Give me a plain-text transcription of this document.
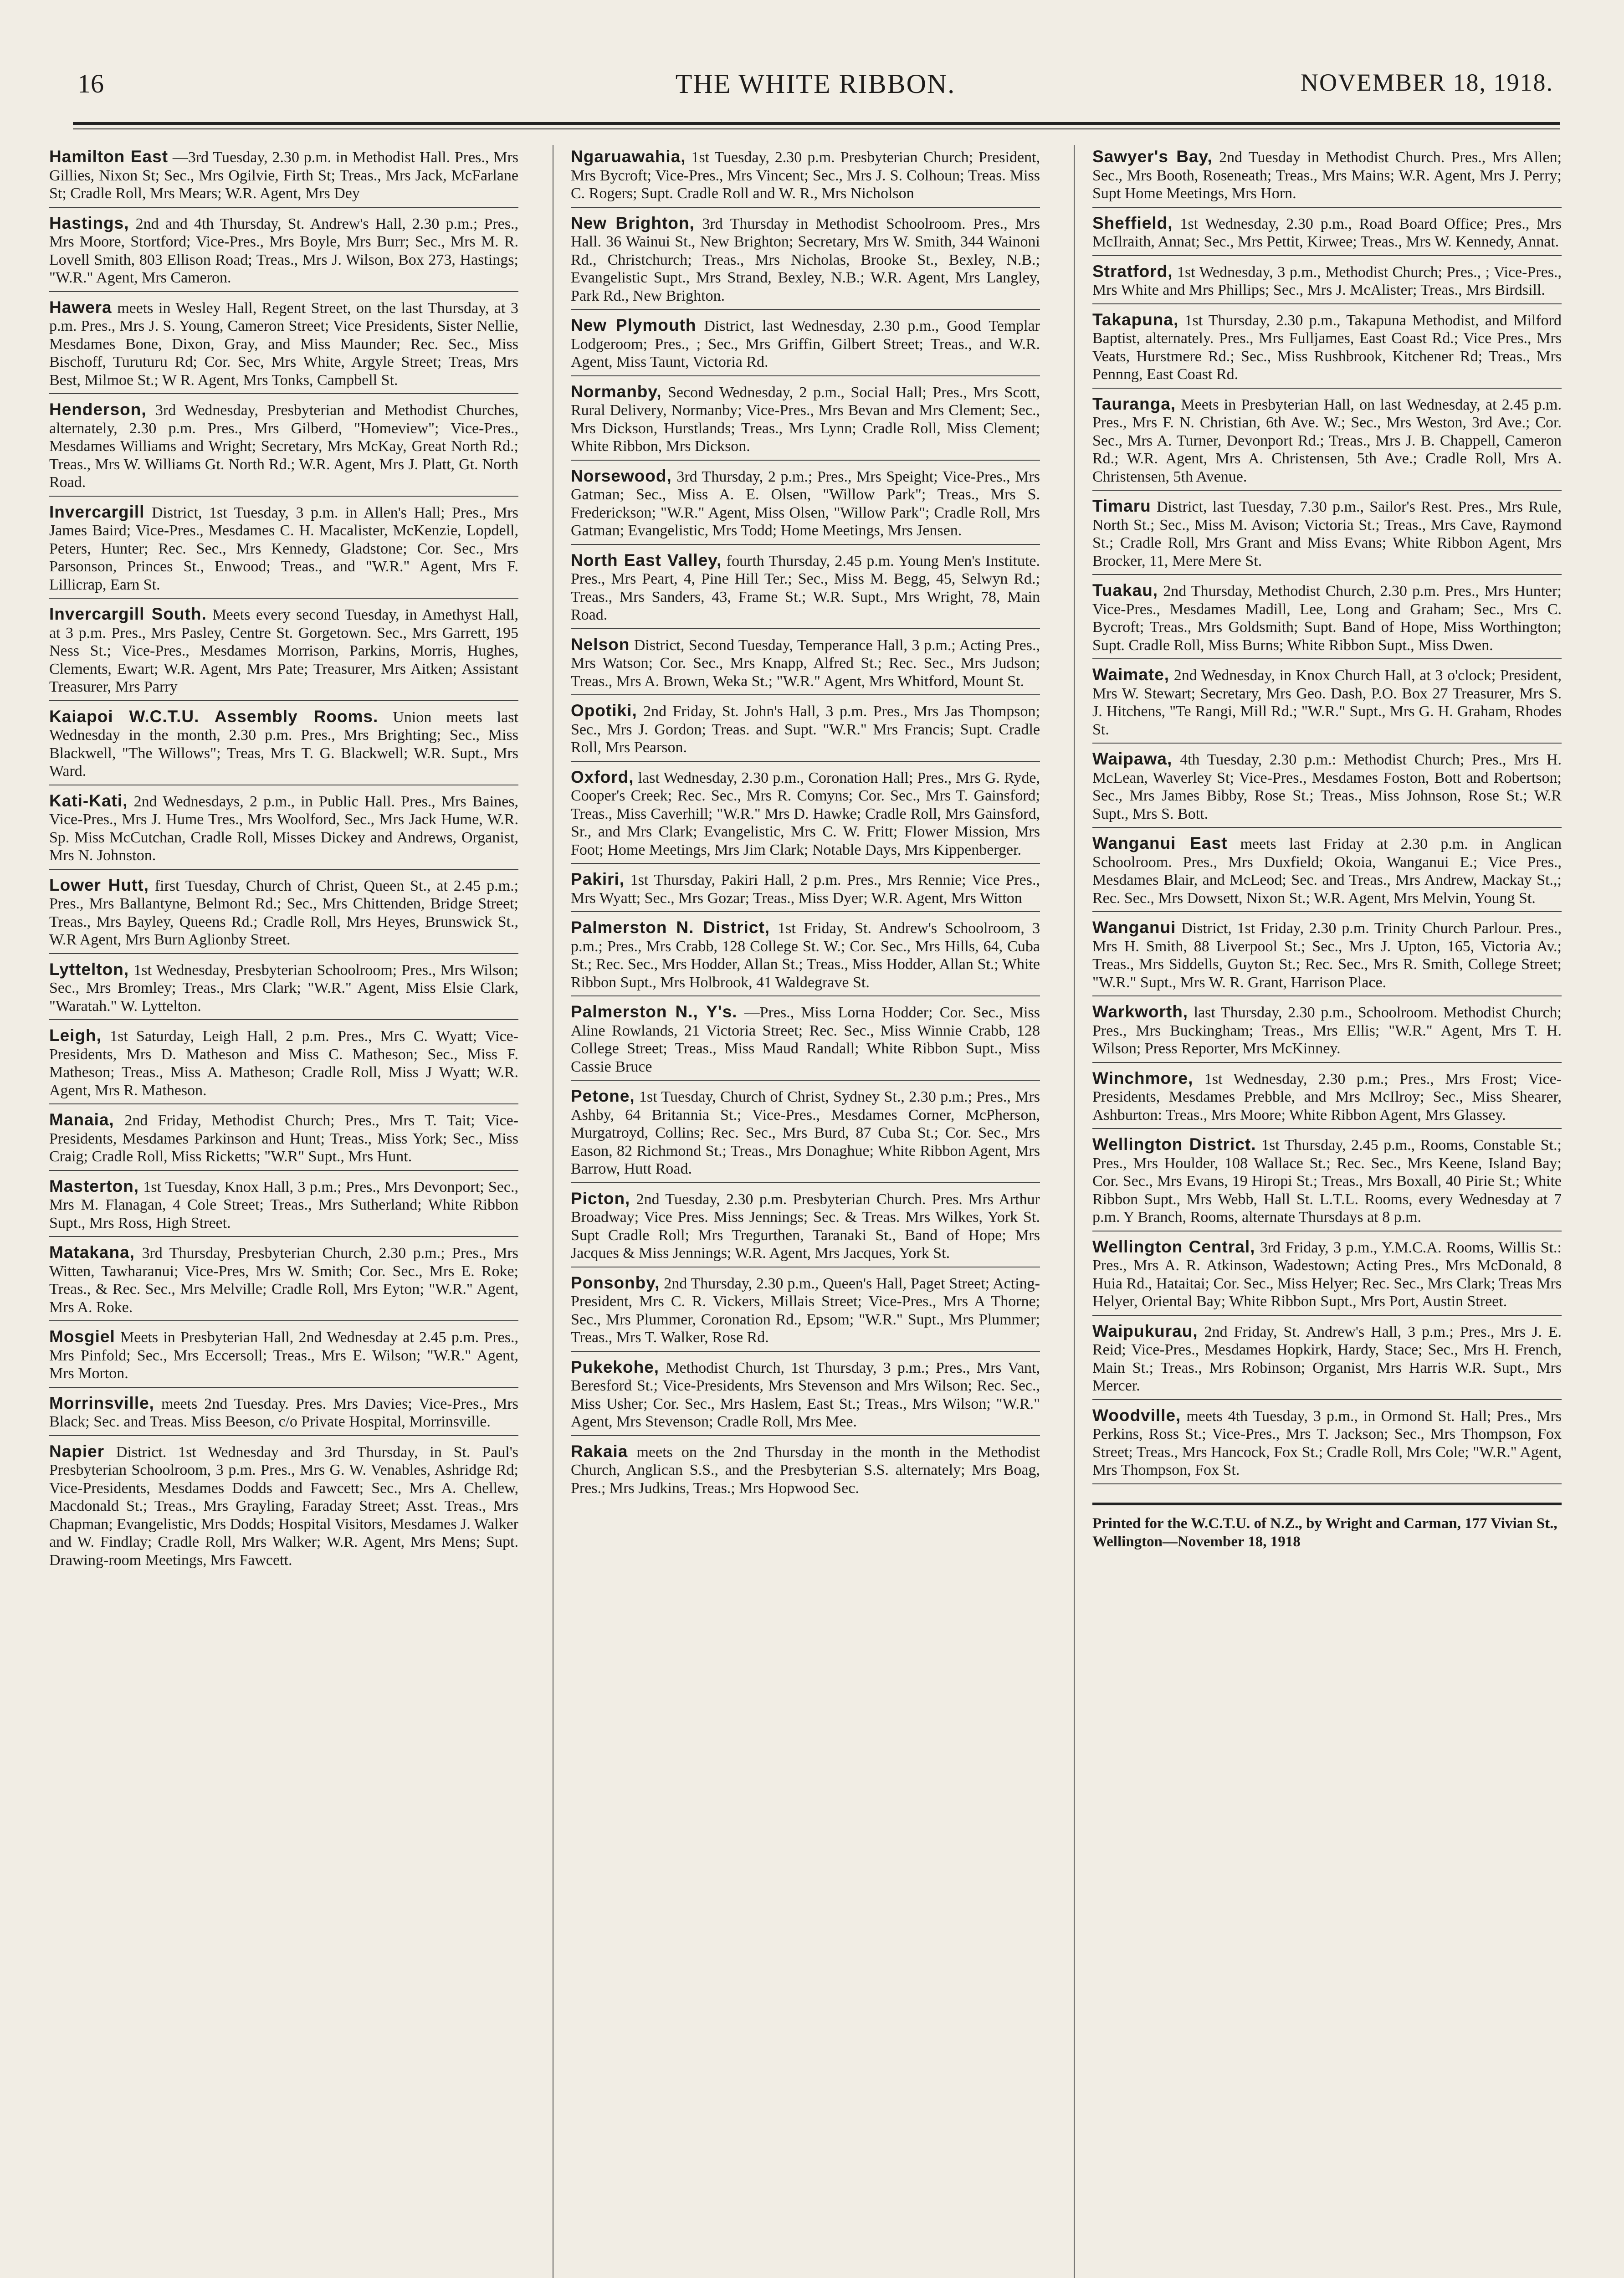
16	THE WHITE RIBBON.	NOVEMBER 18, 1918.
Hamilton East —3rd Tuesday, 2.30 p.m. in Methodist Hall. Pres., Mrs Gillies, Nixon St; Sec., Mrs Ogilvie, Firth St; Treas., Mrs Jack, McFarlane St; Cradle Roll, Mrs Mears; W.R. Agent, Mrs Dey
Hastings, 2nd and 4th Thursday, St. Andrew's Hall, 2.30 p.m.; Pres., Mrs Moore, Stortford; Vice-Pres., Mrs Boyle, Mrs Burr; Sec., Mrs M. R. Lovell Smith, 803 Ellison Road; Treas., Mrs J. Wilson, Box 273, Hastings; "W.R." Agent, Mrs Cameron.
Hawera meets in Wesley Hall, Regent Street, on the last Thursday, at 3 p.m. Pres., Mrs J. S. Young, Cameron Street; Vice Presidents, Sister Nellie, Mesdames Bone, Dixon, Gray, and Miss Maunder; Rec. Sec., Miss Bischoff, Turuturu Rd; Cor. Sec, Mrs White, Argyle Street; Treas, Mrs Best, Milmoe St.; W R. Agent, Mrs Tonks, Campbell St.
Henderson, 3rd Wednesday, Presbyterian and Methodist Churches, alternately, 2.30 p.m. Pres., Mrs Gilberd, "Homeview"; Vice-Pres., Mesdames Williams and Wright; Secretary, Mrs McKay, Great North Rd.; Treas., Mrs W. Williams Gt. North Rd.; W.R. Agent, Mrs J. Platt, Gt. North Road.
Invercargill District, 1st Tuesday, 3 p.m. in Allen's Hall; Pres., Mrs James Baird; Vice-Pres., Mesdames C. H. Macalister, McKenzie, Lopdell, Peters, Hunter; Rec. Sec., Mrs Kennedy, Gladstone; Cor. Sec., Mrs Parsonson, Princes St., Enwood; Treas., and "W.R." Agent, Mrs F. Lillicrap, Earn St.
Invercargill South. Meets every second Tuesday, in Amethyst Hall, at 3 p.m. Pres., Mrs Pasley, Centre St. Gorgetown. Sec., Mrs Garrett, 195 Ness St.; Vice-Pres., Mesdames Morrison, Parkins, Morris, Hughes, Clements, Ewart; W.R. Agent, Mrs Pate; Treasurer, Mrs Aitken; Assistant Treasurer, Mrs Parry
Kaiapoi W.C.T.U. Assembly Rooms. Union meets last Wednesday in the month, 2.30 p.m. Pres., Mrs Brighting; Sec., Miss Blackwell, "The Willows"; Treas, Mrs T. G. Blackwell; W.R. Supt., Mrs Ward.
Kati-Kati, 2nd Wednesdays, 2 p.m., in Public Hall. Pres., Mrs Baines, Vice-Pres., Mrs J. Hume Tres., Mrs Woolford, Sec., Mrs Jack Hume, W.R. Sp. Miss McCutchan, Cradle Roll, Misses Dickey and Andrews, Organist, Mrs N. Johnston.
Lower Hutt, first Tuesday, Church of Christ, Queen St., at 2.45 p.m.; Pres., Mrs Ballantyne, Belmont Rd.; Sec., Mrs Chittenden, Bridge Street; Treas., Mrs Bayley, Queens Rd.; Cradle Roll, Mrs Heyes, Brunswick St., W.R Agent, Mrs Burn Aglionby Street.
Lyttelton, 1st Wednesday, Presbyterian Schoolroom; Pres., Mrs Wilson; Sec., Mrs Bromley; Treas., Mrs Clark; "W.R." Agent, Miss Elsie Clark, "Waratah." W. Lyttelton.
Leigh, 1st Saturday, Leigh Hall, 2 p.m. Pres., Mrs C. Wyatt; Vice-Presidents, Mrs D. Matheson and Miss C. Matheson; Sec., Miss F. Matheson; Treas., Miss A. Matheson; Cradle Roll, Miss J Wyatt; W.R. Agent, Mrs R. Matheson.
Manaia, 2nd Friday, Methodist Church; Pres., Mrs T. Tait; Vice-Presidents, Mesdames Parkinson and Hunt; Treas., Miss York; Sec., Miss Craig; Cradle Roll, Miss Ricketts; "W.R" Supt., Mrs Hunt.
Masterton, 1st Tuesday, Knox Hall, 3 p.m.; Pres., Mrs Devonport; Sec., Mrs M. Flanagan, 4 Cole Street; Treas., Mrs Sutherland; White Ribbon Supt., Mrs Ross, High Street.
Matakana, 3rd Thursday, Presbyterian Church, 2.30 p.m.; Pres., Mrs Witten, Tawharanui; Vice-Pres, Mrs W. Smith; Cor. Sec., Mrs E. Roke; Treas., & Rec. Sec., Mrs Melville; Cradle Roll, Mrs Eyton; "W.R." Agent, Mrs A. Roke.
Mosgiel Meets in Presbyterian Hall, 2nd Wednesday at 2.45 p.m. Pres., Mrs Pinfold; Sec., Mrs Eccersoll; Treas., Mrs E. Wilson; "W.R." Agent, Mrs Morton.
Morrinsville, meets 2nd Tuesday. Pres. Mrs Davies; Vice-Pres., Mrs Black; Sec. and Treas. Miss Beeson, c/o Private Hospital, Morrinsville.
Napier District. 1st Wednesday and 3rd Thursday, in St. Paul's Presbyterian Schoolroom, 3 p.m. Pres., Mrs G. W. Venables, Ashridge Rd; Vice-Presidents, Mesdames Dodds and Fawcett; Sec., Mrs A. Chellew, Macdonald St.; Treas., Mrs Grayling, Faraday Street; Asst. Treas., Mrs Chapman; Evangelistic, Mrs Dodds; Hospital Visitors, Mesdames J. Walker and W. Findlay; Cradle Roll, Mrs Walker; W.R. Agent, Mrs Mens; Supt. Drawing-room Meetings, Mrs Fawcett.
Ngaruawahia, 1st Tuesday, 2.30 p.m. Presbyterian Church; President, Mrs Bycroft; Vice-Pres., Mrs Vincent; Sec., Mrs J. S. Colhoun; Treas. Miss C. Rogers; Supt. Cradle Roll and W. R., Mrs Nicholson
New Brighton, 3rd Thursday in Methodist Schoolroom. Pres., Mrs Hall. 36 Wainui St., New Brighton; Secretary, Mrs W. Smith, 344 Wainoni Rd., Christchurch; Treas., Mrs Nicholas, Brooke St., Bexley, N.B.; Evangelistic Supt., Mrs Strand, Bexley, N.B.; W.R. Agent, Mrs Langley, Park Rd., New Brighton.
New Plymouth District, last Wednesday, 2.30 p.m., Good Templar Lodgeroom; Pres., ; Sec., Mrs Griffin, Gilbert Street; Treas., and W.R. Agent, Miss Taunt, Victoria Rd.
Normanby, Second Wednesday, 2 p.m., Social Hall; Pres., Mrs Scott, Rural Delivery, Normanby; Vice-Pres., Mrs Bevan and Mrs Clement; Sec., Mrs Dickson, Hurstlands; Treas., Mrs Lynn; Cradle Roll, Miss Clement; White Ribbon, Mrs Dickson.
Norsewood, 3rd Thursday, 2 p.m.; Pres., Mrs Speight; Vice-Pres., Mrs Gatman; Sec., Miss A. E. Olsen, "Willow Park"; Treas., Mrs S. Frederickson; "W.R." Agent, Miss Olsen, "Willow Park"; Cradle Roll, Mrs Gatman; Evangelistic, Mrs Todd; Home Meetings, Mrs Jensen.
North East Valley, fourth Thursday, 2.45 p.m. Young Men's Institute. Pres., Mrs Peart, 4, Pine Hill Ter.; Sec., Miss M. Begg, 45, Selwyn Rd.; Treas., Mrs Sanders, 43, Frame St.; W.R. Supt., Mrs Wright, 78, Main Road.
Nelson District, Second Tuesday, Temperance Hall, 3 p.m.; Acting Pres., Mrs Watson; Cor. Sec., Mrs Knapp, Alfred St.; Rec. Sec., Mrs Judson; Treas., Mrs A. Brown, Weka St.; "W.R." Agent, Mrs Whitford, Mount St.
Opotiki, 2nd Friday, St. John's Hall, 3 p.m. Pres., Mrs Jas Thompson; Sec., Mrs J. Gordon; Treas. and Supt. "W.R." Mrs Francis; Supt. Cradle Roll, Mrs Pearson.
Oxford, last Wednesday, 2.30 p.m., Coronation Hall; Pres., Mrs G. Ryde, Cooper's Creek; Rec. Sec., Mrs R. Comyns; Cor. Sec., Mrs T. Gainsford; Treas., Miss Caverhill; "W.R." Mrs D. Hawke; Cradle Roll, Mrs Gainsford, Sr., and Mrs Clark; Evangelistic, Mrs C. W. Fritt; Flower Mission, Mrs Foot; Home Meetings, Mrs Jim Clark; Notable Days, Mrs Kippenberger.
Pakiri, 1st Thursday, Pakiri Hall, 2 p.m. Pres., Mrs Rennie; Vice Pres., Mrs Wyatt; Sec., Mrs Gozar; Treas., Miss Dyer; W.R. Agent, Mrs Witton
Palmerston N. District, 1st Friday, St. Andrew's Schoolroom, 3 p.m.; Pres., Mrs Crabb, 128 College St. W.; Cor. Sec., Mrs Hills, 64, Cuba St.; Rec. Sec., Mrs Hodder, Allan St.; Treas., Miss Hodder, Allan St.; White Ribbon Supt., Mrs Holbrook, 41 Waldegrave St.
Palmerston N., Y's. —Pres., Miss Lorna Hodder; Cor. Sec., Miss Aline Rowlands, 21 Victoria Street; Rec. Sec., Miss Winnie Crabb, 128 College Street; Treas., Miss Maud Randall; White Ribbon Supt., Miss Cassie Bruce
Petone, 1st Tuesday, Church of Christ, Sydney St., 2.30 p.m.; Pres., Mrs Ashby, 64 Britannia St.; Vice-Pres., Mesdames Corner, McPherson, Murgatroyd, Collins; Rec. Sec., Mrs Burd, 87 Cuba St.; Cor. Sec., Mrs Eason, 82 Richmond St.; Treas., Mrs Donaghue; White Ribbon Agent, Mrs Barrow, Hutt Road.
Picton, 2nd Tuesday, 2.30 p.m. Presbyterian Church. Pres. Mrs Arthur Broadway; Vice Pres. Miss Jennings; Sec. & Treas. Mrs Wilkes, York St. Supt Cradle Roll; Mrs Tregurthen, Taranaki St., Band of Hope; Mrs Jacques & Miss Jennings; W.R. Agent, Mrs Jacques, York St.
Ponsonby, 2nd Thursday, 2.30 p.m., Queen's Hall, Paget Street; Acting-President, Mrs C. R. Vickers, Millais Street; Vice-Pres., Mrs A Thorne; Sec., Mrs Plummer, Coronation Rd., Epsom; "W.R." Supt., Mrs Plummer; Treas., Mrs T. Walker, Rose Rd.
Pukekohe, Methodist Church, 1st Thursday, 3 p.m.; Pres., Mrs Vant, Beresford St.; Vice-Presidents, Mrs Stevenson and Mrs Wilson; Rec. Sec., Miss Usher; Cor. Sec., Mrs Haslem, East St.; Treas., Mrs Wilson; "W.R." Agent, Mrs Stevenson; Cradle Roll, Mrs Mee.
Rakaia meets on the 2nd Thursday in the month in the Methodist Church, Anglican S.S., and the Presbyterian S.S. alternately; Mrs Boag, Pres.; Mrs Judkins, Treas.; Mrs Hopwood Sec.
Sawyer's Bay, 2nd Tuesday in Methodist Church. Pres., Mrs Allen; Sec., Mrs Booth, Roseneath; Treas., Mrs Mains; W.R. Agent, Mrs J. Perry; Supt Home Meetings, Mrs Horn.
Sheffield, 1st Wednesday, 2.30 p.m., Road Board Office; Pres., Mrs McIlraith, Annat; Sec., Mrs Pettit, Kirwee; Treas., Mrs W. Kennedy, Annat.
Stratford, 1st Wednesday, 3 p.m., Methodist Church; Pres., ; Vice-Pres., Mrs White and Mrs Phillips; Sec., Mrs J. McAlister; Treas., Mrs Birdsill.
Takapuna, 1st Thursday, 2.30 p.m., Takapuna Methodist, and Milford Baptist, alternately. Pres., Mrs Fulljames, East Coast Rd.; Vice Pres., Mrs Veats, Hurstmere Rd.; Sec., Miss Rushbrook, Kitchener Rd; Treas., Mrs Pennng, East Coast Rd.
Tauranga, Meets in Presbyterian Hall, on last Wednesday, at 2.45 p.m. Pres., Mrs F. N. Christian, 6th Ave. W.; Sec., Mrs Weston, 3rd Ave.; Cor. Sec., Mrs A. Turner, Devonport Rd.; Treas., Mrs J. B. Chappell, Cameron Rd.; W.R. Agent, Mrs A. Christensen, 5th Ave.; Cradle Roll, Mrs A. Christensen, 5th Avenue.
Timaru District, last Tuesday, 7.30 p.m., Sailor's Rest. Pres., Mrs Rule, North St.; Sec., Miss M. Avison; Victoria St.; Treas., Mrs Cave, Raymond St.; Cradle Roll, Mrs Grant and Miss Evans; White Ribbon Agent, Mrs Brocker, 11, Mere Mere St.
Tuakau, 2nd Thursday, Methodist Church, 2.30 p.m. Pres., Mrs Hunter; Vice-Pres., Mesdames Madill, Lee, Long and Graham; Sec., Mrs C. Bycroft; Treas., Mrs Goldsmith; Supt. Band of Hope, Miss Worthington; Supt. Cradle Roll, Miss Burns; White Ribbon Supt., Miss Dwen.
Waimate, 2nd Wednesday, in Knox Church Hall, at 3 o'clock; President, Mrs W. Stewart; Secretary, Mrs Geo. Dash, P.O. Box 27 Treasurer, Mrs S. J. Hitchens, "Te Rangi, Mill Rd.; "W.R." Supt., Mrs G. H. Graham, Rhodes St.
Waipawa, 4th Tuesday, 2.30 p.m.: Methodist Church; Pres., Mrs H. McLean, Waverley St; Vice-Pres., Mesdames Foston, Bott and Robertson; Sec., Mrs James Bibby, Rose St.; Treas., Miss Johnson, Rose St.; W.R Supt., Mrs S. Bott.
Wanganui East meets last Friday at 2.30 p.m. in Anglican Schoolroom. Pres., Mrs Duxfield; Okoia, Wanganui E.; Vice Pres., Mesdames Blair, and McLeod; Sec. and Treas., Mrs Andrew, Mackay St.,; Rec. Sec., Mrs Dowsett, Nixon St.; W.R. Agent, Mrs Melvin, Young St.
Wanganui District, 1st Friday, 2.30 p.m. Trinity Church Parlour. Pres., Mrs H. Smith, 88 Liverpool St.; Sec., Mrs J. Upton, 165, Victoria Av.; Treas., Mrs Siddells, Guyton St.; Rec. Sec., Mrs R. Smith, College Street; "W.R." Supt., Mrs W. R. Grant, Harrison Place.
Warkworth, last Thursday, 2.30 p.m., Schoolroom. Methodist Church; Pres., Mrs Buckingham; Treas., Mrs Ellis; "W.R." Agent, Mrs T. H. Wilson; Press Reporter, Mrs McKinney.
Winchmore, 1st Wednesday, 2.30 p.m.; Pres., Mrs Frost; Vice-Presidents, Mesdames Prebble, and Mrs McIlroy; Sec., Miss Shearer, Ashburton: Treas., Mrs Moore; White Ribbon Agent, Mrs Glassey.
Wellington District. 1st Thursday, 2.45 p.m., Rooms, Constable St.; Pres., Mrs Houlder, 108 Wallace St.; Rec. Sec., Mrs Keene, Island Bay; Cor. Sec., Mrs Evans, 19 Hiropi St.; Treas., Mrs Boxall, 40 Pirie St.; White Ribbon Supt., Mrs Webb, Hall St. L.T.L. Rooms, every Wednesday at 7 p.m. Y Branch, Rooms, alternate Thursdays at 8 p.m.
Wellington Central, 3rd Friday, 3 p.m., Y.M.C.A. Rooms, Willis St.: Pres., Mrs A. R. Atkinson, Wadestown; Acting Pres., Mrs McDonald, 8 Huia Rd., Hataitai; Cor. Sec., Miss Helyer; Rec. Sec., Mrs Clark; Treas Mrs Helyer, Oriental Bay; White Ribbon Supt., Mrs Port, Austin Street.
Waipukurau, 2nd Friday, St. Andrew's Hall, 3 p.m.; Pres., Mrs J. E. Reid; Vice-Pres., Mesdames Hopkirk, Hardy, Stace; Sec., Mrs H. French, Main St.; Treas., Mrs Robinson; Organist, Mrs Harris W.R. Supt., Mrs Mercer.
Woodville, meets 4th Tuesday, 3 p.m., in Ormond St. Hall; Pres., Mrs Perkins, Ross St.; Vice-Pres., Mrs T. Jackson; Sec., Mrs Thompson, Fox Street; Treas., Mrs Hancock, Fox St.; Cradle Roll, Mrs Cole; "W.R." Agent, Mrs Thompson, Fox St.
Printed for the W.C.T.U. of N.Z., by Wright and Carman, 177 Vivian St., Wellington—November 18, 1918
